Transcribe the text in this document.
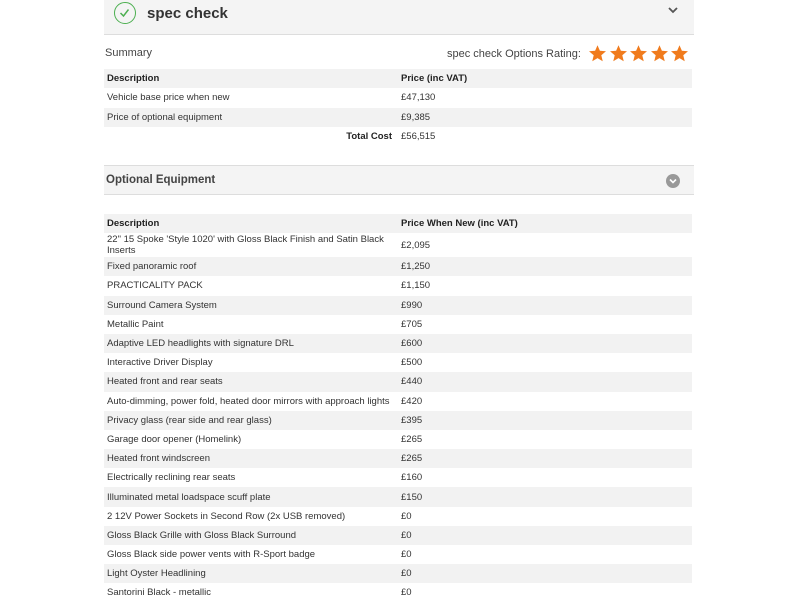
spec check
Summary	spec check Options Rating:
Description	Price (inc VAT)
Vehicle base price when new	£47,130
Price of optional equipment	£9,385
Total Cost	£56,515
Optional Equipment
Description	Price When New (inc VAT)
22" 15 Spoke 'Style 1020' with Gloss Black Finish and Satin Black Inserts	£2,095
Fixed panoramic roof	£1,250
PRACTICALITY PACK	£1,150
Surround Camera System	£990
Metallic Paint	£705
Adaptive LED headlights with signature DRL	£600
Interactive Driver Display	£500
Heated front and rear seats	£440
Auto-dimming, power fold, heated door mirrors with approach lights	£420
Privacy glass (rear side and rear glass)	£395
Garage door opener (Homelink)	£265
Heated front windscreen	£265
Electrically reclining rear seats	£160
Illuminated metal loadspace scuff plate	£150
2 12V Power Sockets in Second Row (2x USB removed)	£0
Gloss Black Grille with Gloss Black Surround	£0
Gloss Black side power vents with R-Sport badge	£0
Light Oyster Headlining	£0
Santorini Black - metallic	£0
